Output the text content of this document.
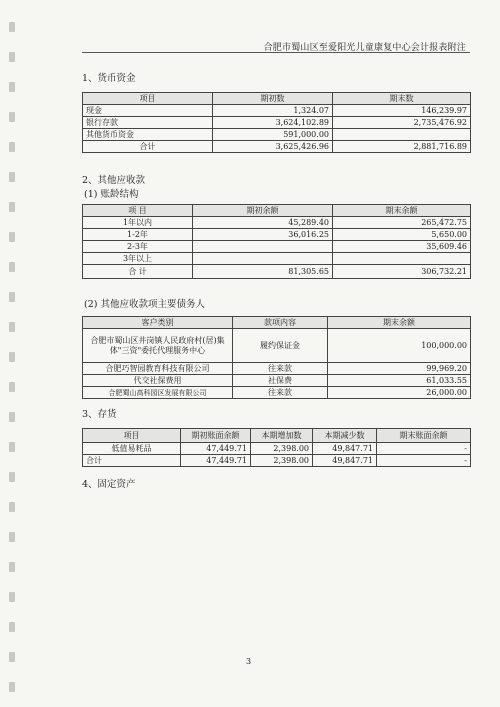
合肥市蜀山区至爱阳光儿童康复中心会计报表附注
1、货币资金
项目	期初数	期末数
现金	1,324.07	146,239.97
银行存款	3,624,102.89	2,735,476.92
其他货币资金	591,000.00	
合计	3,625,426.96	2,881,716.89
2、其他应收款
(1) 账龄结构
项 目	期初余额	期末余额
1年以内	45,289.40	265,472.75
1-2年	36,016.25	5,650.00
2-3年		35,609.46
3年以上		
合 计	81,305.65	306,732.21
(2) 其他应收款项主要债务人
客户类别	款项内容	期末余额
合肥市蜀山区井岗镇人民政府村(居)集体"三资"委托代理服务中心	履约保证金	100,000.00
合肥巧智园教育科技有限公司	往来款	99,969.20
代交社保费用	社保费	61,033.55
合肥蜀山高科园区发展有限公司	往来款	26,000.00
3、存货
项目	期初账面余额	本期增加数	本期减少数	期末账面余额
低值易耗品	47,449.71	2,398.00	49,847.71	-
合计	47,449.71	2,398.00	49,847.71	-
4、固定资产
3
